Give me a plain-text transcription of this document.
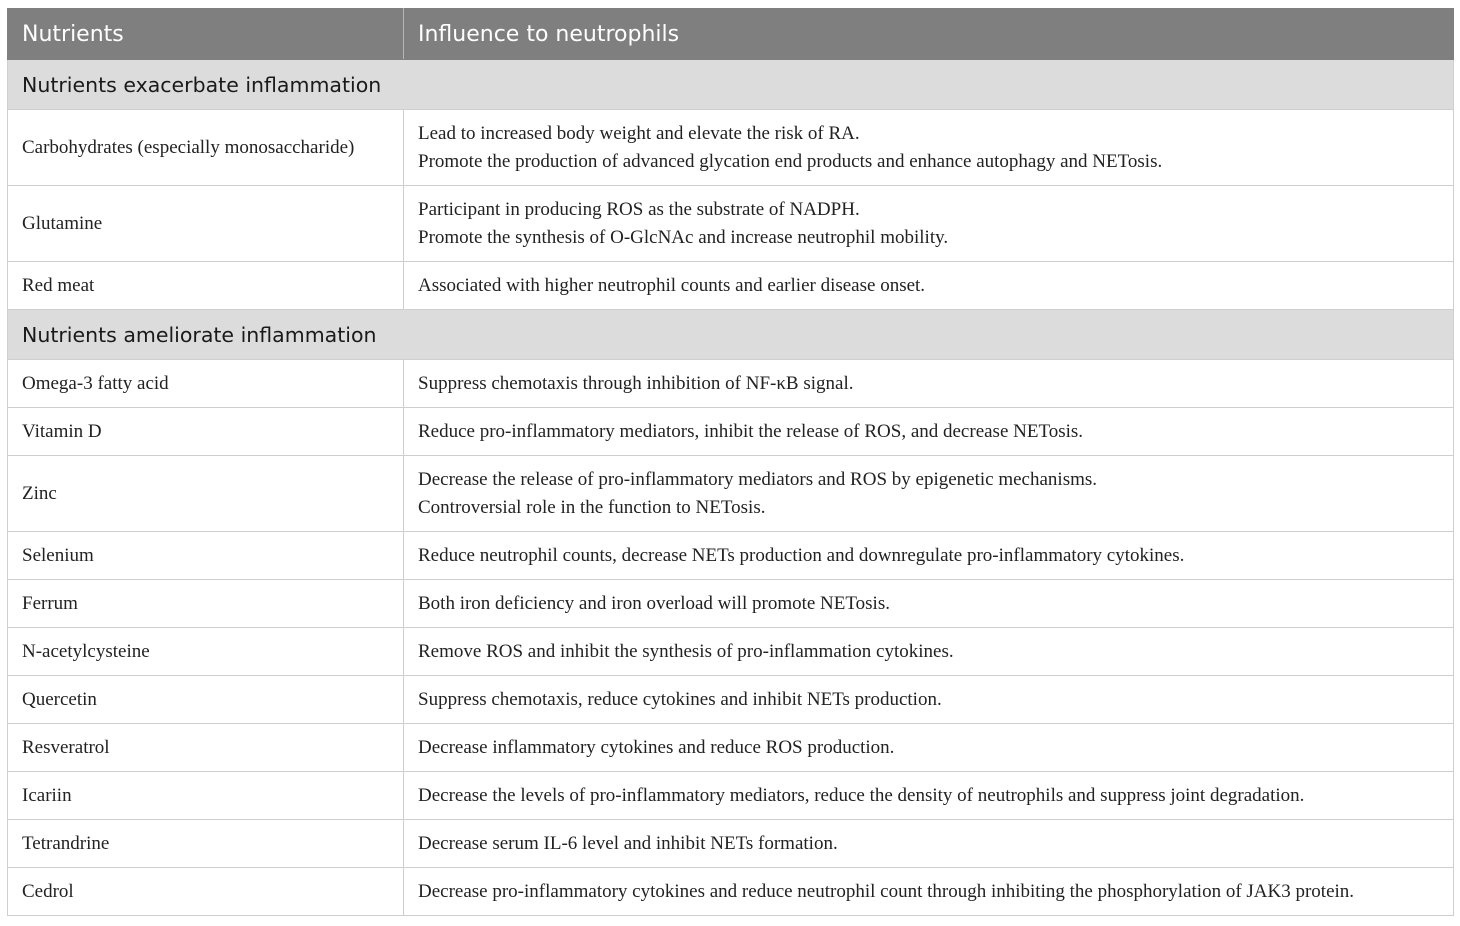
Nutrients	Influence to neutrophils
Nutrients exacerbate inflammation	
Carbohydrates (especially monosaccharide)	Lead to increased body weight and elevate the risk of RA.
Promote the production of advanced glycation end products and enhance autophagy and NETosis.

Glutamine	Participant in producing ROS as the substrate of NADPH.
Promote the synthesis of O-GlcNAc and increase neutrophil mobility.

Red meat	Associated with higher neutrophil counts and earlier disease onset.

Nutrients ameliorate inflammation	
Omega-3 fatty acid	Suppress chemotaxis through inhibition of NF-κB signal.

Vitamin D	Reduce pro-inflammatory mediators, inhibit the release of ROS, and decrease NETosis.

Zinc	Decrease the release of pro-inflammatory mediators and ROS by epigenetic mechanisms.
Controversial role in the function to NETosis.

Selenium	Reduce neutrophil counts, decrease NETs production and downregulate pro-inflammatory cytokines.

Ferrum	Both iron deficiency and iron overload will promote NETosis.

N-acetylcysteine	Remove ROS and inhibit the synthesis of pro-inflammation cytokines.

Quercetin	Suppress chemotaxis, reduce cytokines and inhibit NETs production.

Resveratrol	Decrease inflammatory cytokines and reduce ROS production.

Icariin	Decrease the levels of pro-inflammatory mediators, reduce the density of neutrophils and suppress joint degradation.

Tetrandrine	Decrease serum IL-6 level and inhibit NETs formation.

Cedrol	Decrease pro-inflammatory cytokines and reduce neutrophil count through inhibiting the phosphorylation of JAK3 protein.
